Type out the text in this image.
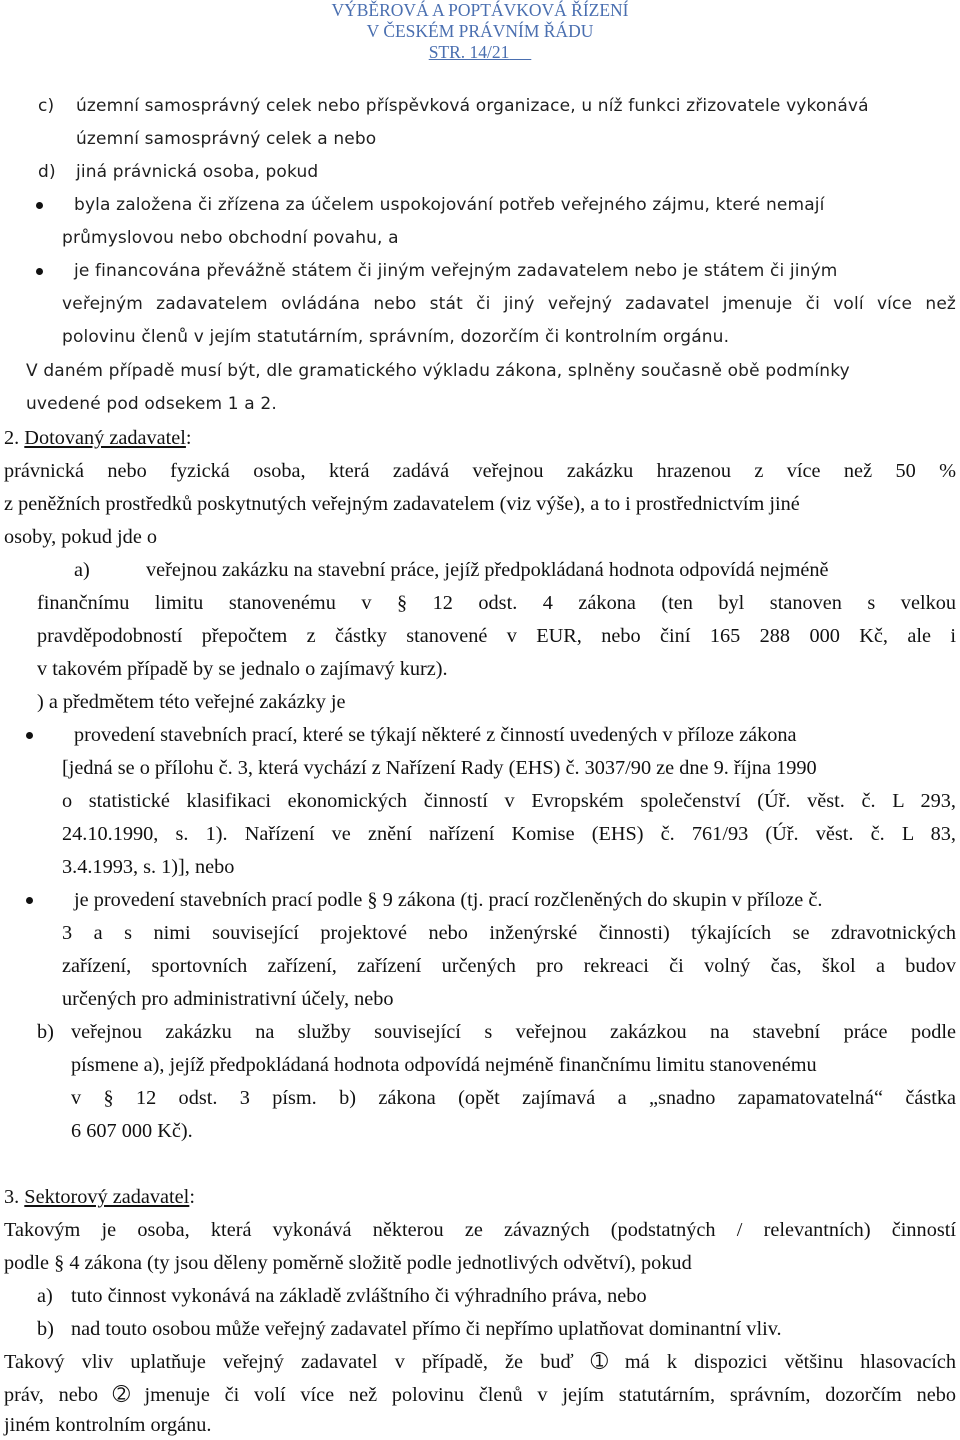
VÝBĚROVÁ A POPTÁVKOVÁ ŘÍZENÍ
V ČESKÉM PRÁVNÍM ŘÁDU
STR. 14/21
c) územní samosprávný celek nebo příspěvková organizace, u níž funkci zřizovatele vykonává
územní samosprávný celek a nebo
d) jiná právnická osoba, pokud
byla založena či zřízena za účelem uspokojování potřeb veřejného zájmu, které nemají
průmyslovou nebo obchodní povahu, a
je financována převážně státem či jiným veřejným zadavatelem nebo je státem či jiným
veřejným zadavatelem ovládána nebo stát či jiný veřejný zadavatel jmenuje či volí více než
polovinu členů v jejím statutárním, správním, dozorčím či kontrolním orgánu.
V daném případě musí být, dle gramatického výkladu zákona, splněny současně obě podmínky
uvedené pod odsekem 1 a 2.
2. Dotovaný zadavatel:
právnická nebo fyzická osoba, která zadává veřejnou zakázku hrazenou z více než 50 %
z peněžních prostředků poskytnutých veřejným zadavatelem (viz výše), a to i prostřednictvím jiné
osoby, pokud jde o
a)	veřejnou zakázku na stavební práce, jejíž předpokládaná hodnota odpovídá nejméně
finančnímu limitu stanovenému v § 12 odst. 4 zákona (ten byl stanoven s velkou
pravděpodobností přepočtem z částky stanovené v EUR, nebo činí 165 288 000 Kč, ale i
v takovém případě by se jednalo o zajímavý kurz).
) a předmětem této veřejné zakázky je
provedení stavebních prací, které se týkají některé z činností uvedených v příloze zákona
[jedná se o přílohu č. 3, která vychází z Nařízení Rady (EHS) č. 3037/90 ze dne 9. října 1990
o statistické klasifikaci ekonomických činností v Evropském společenství (Úř. věst. č. L 293,
24.10.1990, s. 1). Nařízení ve znění nařízení Komise (EHS) č. 761/93 (Úř. věst. č. L 83,
3.4.1993, s. 1)], nebo
je provedení stavebních prací podle § 9 zákona (tj. prací rozčleněných do skupin v příloze č.
3 a s nimi související projektové nebo inženýrské činnosti) týkajících se zdravotnických
zařízení, sportovních zařízení, zařízení určených pro rekreaci či volný čas, škol a budov
určených pro administrativní účely, nebo
b) veřejnou zakázku na služby související s veřejnou zakázkou na stavební práce podle
písmene a), jejíž předpokládaná hodnota odpovídá nejméně finančnímu limitu stanovenému
v § 12 odst. 3 písm. b) zákona (opět zajímavá a „snadno zapamatovatelná“ částka
6 607 000 Kč).
3. Sektorový zadavatel:
Takovým je osoba, která vykonává některou ze závazných (podstatných / relevantních) činností
podle § 4 zákona (ty jsou děleny poměrně složitě podle jednotlivých odvětví), pokud
a) tuto činnost vykonává na základě zvláštního či výhradního práva, nebo
b) nad touto osobou může veřejný zadavatel přímo či nepřímo uplatňovat dominantní vliv.
Takový vliv uplatňuje veřejný zadavatel v případě, že buď ➀ má k dispozici většinu hlasovacích
práv, nebo ➁ jmenuje či volí více než polovinu členů v jejím statutárním, správním, dozorčím nebo
jiném kontrolním orgánu.
